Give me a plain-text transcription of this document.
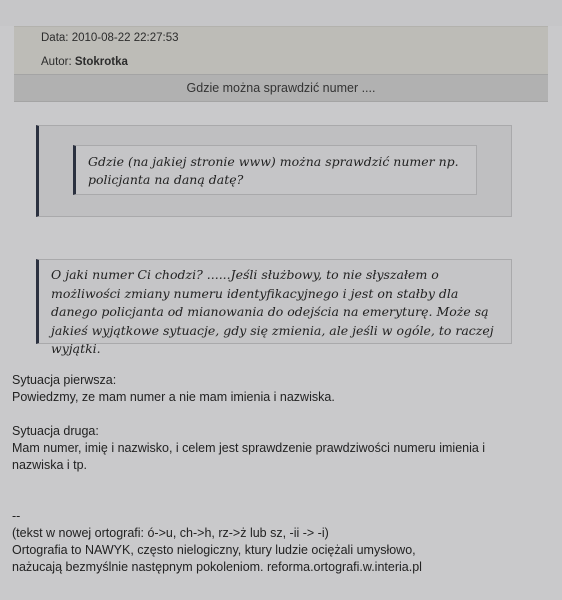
Data: 2010-08-22 22:27:53
Autor: Stokrotka
Gdzie można sprawdzić numer ....
Gdzie (na jakiej stronie www) można sprawdzić numer np. policjanta na daną datę?
O jaki numer Ci chodzi? ......Jeśli służbowy, to nie słyszałem o możliwości zmiany numeru identyfikacyjnego i jest on stałby dla danego policjanta od mianowania do odejścia na emeryturę. Może są jakieś wyjątkowe sytuacje, gdy się zmienia, ale jeśli w ogóle, to raczej wyjątki.
Sytuacja pierwsza:
Powiedzmy, ze mam numer a nie mam imienia i nazwiska.
Sytuacja druga:
Mam numer, imię i nazwisko, i celem jest sprawdzenie prawdziwości numeru imienia i nazwiska i tp.
--
(tekst w nowej ortografi: ó->u, ch->h, rz->ż lub sz, -ii -> -i)
Ortografia to NAWYK, często nielogiczny, ktury ludzie ociężali umysłowo,
nażucają bezmyślnie następnym pokoleniom. reforma.ortografi.w.interia.pl
